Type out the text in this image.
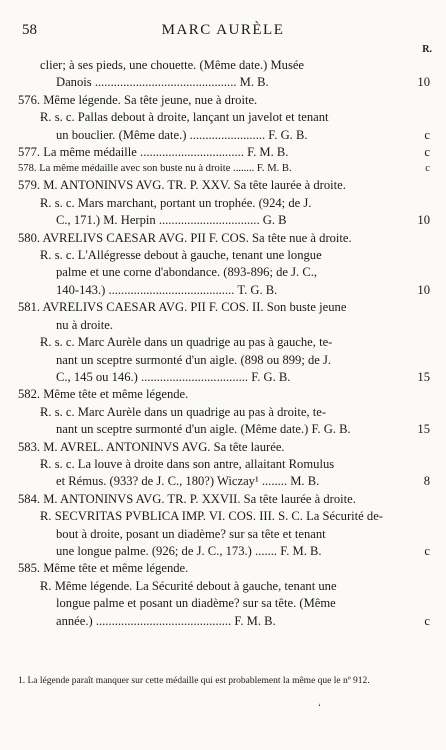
58	MARC AURÈLE
R.
clier; à ses pieds, une chouette. (Même date.) Musée
Danois ............................................. M. B.	10
576. Même légende. Sa tête jeune, nue à droite.
Ɍ. s. c. Pallas debout à droite, lançant un javelot et tenant
un bouclier. (Même date.) ........................ F. G. B.	c
577. La même médaille ................................. F. M. B.	c
578. La même médaille avec son buste nu à droite ........ F. M. B.	c
579. M. ANTONINVS AVG. TR. P. XXV. Sa tête laurée à droite.
Ɍ. s. c. Mars marchant, portant un trophée. (924; de J.
C., 171.) M. Herpin ................................ G. B	10
580. AVRELIVS CAESAR AVG. PII F. COS. Sa tête nue à droite.
Ɍ. s. c. L'Allégresse debout à gauche, tenant une longue
palme et une corne d'abondance. (893-896; de J. C.,
140-143.) ........................................ T. G. B.	10
581. AVRELIVS CAESAR AVG. PII F. COS. II. Son buste jeune
nu à droite.
Ɍ. s. c. Marc Aurèle dans un quadrige au pas à gauche, te-
nant un sceptre surmonté d'un aigle. (898 ou 899; de J.
C., 145 ou 146.) .................................. F. G. B.	15
582. Même tête et même légende.
Ɍ. s. c. Marc Aurèle dans un quadrige au pas à droite, te-
nant un sceptre surmonté d'un aigle. (Même date.) F. G. B.	15
583. M. AVREL. ANTONINVS AVG. Sa tête laurée.
Ɍ. s. c. La louve à droite dans son antre, allaitant Romulus
et Rémus. (933? de J. C., 180?) Wiczay¹ ........ M. B.	8
584. M. ANTONINVS AVG. TR. P. XXVII. Sa tête laurée à droite.
Ɍ. SECVRITAS PVBLICA IMP. VI. COS. III. S. C. La Sécurité de-
bout à droite, posant un diadème? sur sa tête et tenant
une longue palme. (926; de J. C., 173.) ....... F. M. B.	c
585. Même tête et même légende.
Ɍ. Même légende. La Sécurité debout à gauche, tenant une
longue palme et posant un diadème? sur sa tête. (Même
année.) ........................................... F. M. B.	c
1. La légende paraît manquer sur cette médaille qui est probablement la même que le nº 912.
ʻ
